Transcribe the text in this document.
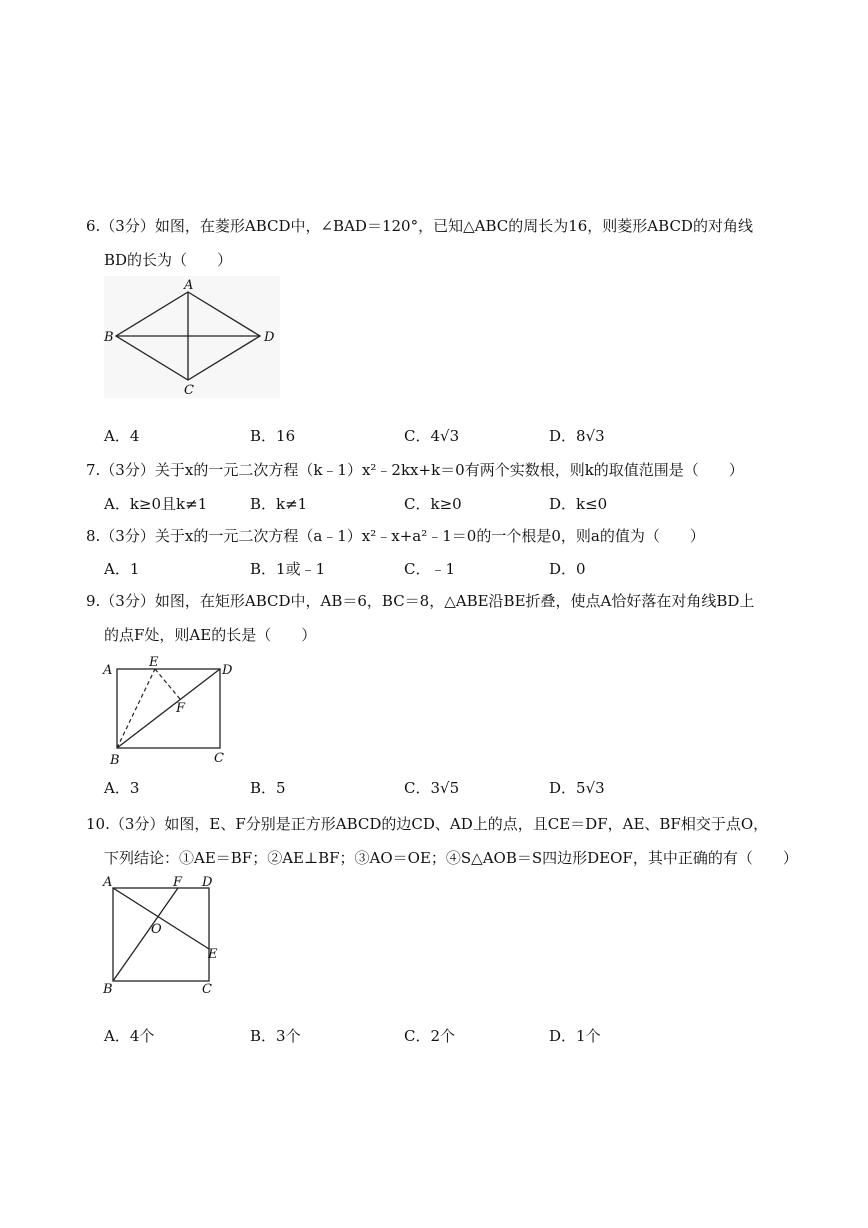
6.（3分）如图，在菱形ABCD中，∠BAD＝120°，已知△ABC的周长为16，则菱形ABCD的对角线
BD的长为（　　）
A
B
C
D
A．4	B．16	C．4√3	D．8√3
7.（3分）关于x的一元二次方程（k﹣1）x²﹣2kx+k＝0有两个实数根，则k的取值范围是（　　）
A．k≥0且k≠1	B．k≠1	C．k≥0	D．k≤0
8.（3分）关于x的一元二次方程（a﹣1）x²﹣x+a²﹣1＝0的一个根是0，则a的值为（　　）
A．1	B．1或﹣1	C．﹣1	D．0
9.（3分）如图，在矩形ABCD中，AB＝6，BC＝8，△ABE沿BE折叠，使点A恰好落在对角线BD上
的点F处，则AE的长是（　　）
A
B	C
D
E
F
A．3	B．5	C．3√5	D．5√3
10.（3分）如图，E、F分别是正方形ABCD的边CD、AD上的点，且CE＝DF，AE、BF相交于点O，
下列结论：①AE＝BF；②AE⊥BF；③AO＝OE；④S△AOB＝S四边形DEOF，其中正确的有（　　）
A
B	C
D
E
F
O
A．4个	B．3个	C．2个	D．1个
